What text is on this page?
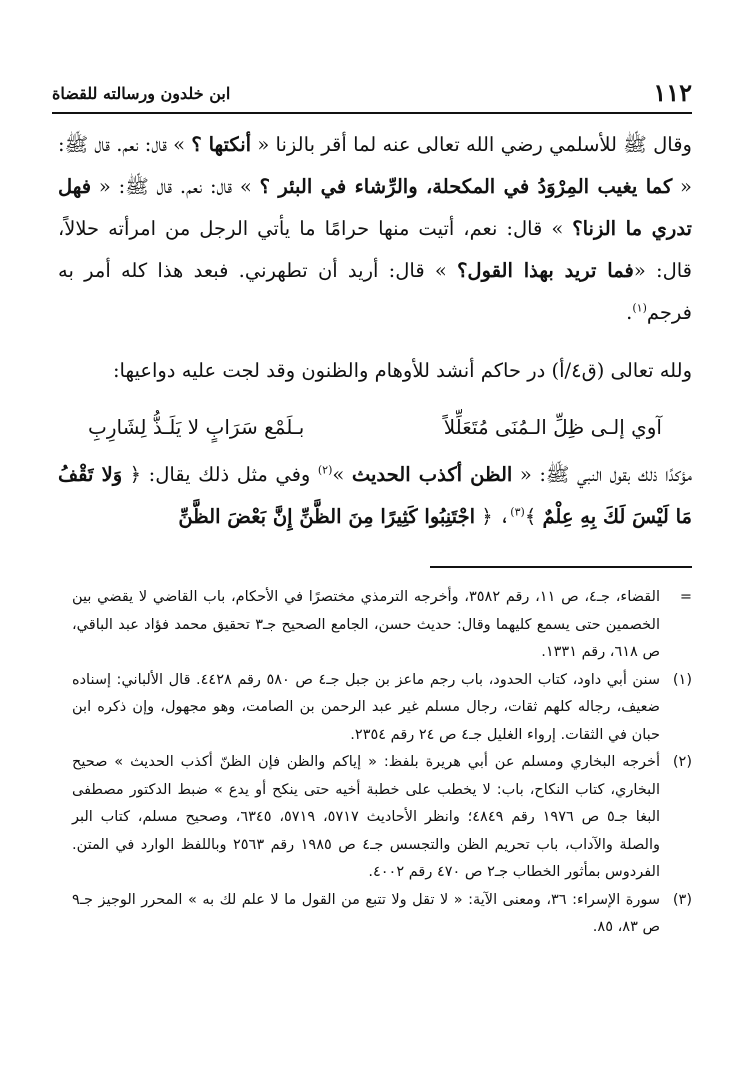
١١٢
ابن خلدون ورسالته للقضاة

وقال ﷺ للأسلمي رضي الله تعالى عنه لما أقر بالزنا « أنكتها ؟ » قال: نعم. قال ﷺ: « كما يغيب المِرْوَدُ في المكحلة، والرِّشاء في البئر ؟ » قال: نعم. قال ﷺ: « فهل تدري ما الزنا؟ » قال: نعم، أتيت منها حرامًا ما يأتي الرجل من امرأته حلالاً، قال: «فما تريد بهذا القول؟ » قال: أريد أن تطهرني. فبعد هذا كله أمر به فرجم$^{(١)}$.

ولله تعالى (ق٤/أ) در حاكم أنشد للأوهام والظنون وقد لجت عليه دواعيها:

آوي إلـى ظِلِّ الـمُنَى مُتَعَلِّلاً
بـلَمْع سَرَابٍ لا يَلَـذُّ لِشَارِبِ

مؤكدًا ذلك بقول النبي ﷺ: « الظن أكذب الحديث »$^{(٢)}$ وفي مثل ذلك يقال: ﴿ وَلا تَقْفُ مَا لَيْسَ لَكَ بِهِ عِلْمٌ ﴾$^{(٣)}$، ﴿ اجْتَنِبُوا كَثِيرًا مِنَ الظَّنِّ إِنَّ بَعْضَ الظَّنِّ

=
القضاء، جـ٤، ص ١١، رقم ٣٥٨٢، وأخرجه الترمذي مختصرًا في الأحكام، باب القاضي لا يقضي بين الخصمين حتى يسمع كليهما وقال: حديث حسن، الجامع الصحيح جـ٣ تحقيق محمد فؤاد عبد الباقي، ص ٦١٨، رقم ١٣٣١.
(١)
سنن أبي داود، كتاب الحدود، باب رجم ماعز بن جبل جـ٤ ص ٥٨٠ رقم ٤٤٢٨. قال الألباني: إسناده ضعيف، رجاله كلهم ثقات، رجال مسلم غير عبد الرحمن بن الصامت، وهو مجهول، وإن ذكره ابن حبان في الثقات. إرواء الغليل جـ٤ ص ٢٤ رقم ٢٣٥٤.
(٢)
أخرجه البخاري ومسلم عن أبي هريرة بلفظ: « إياكم والظن فإن الظنّ أكذب الحديث » صحيح البخاري، كتاب النكاح، باب: لا يخطب على خطبة أخيه حتى ينكح أو يدع » ضبط الدكتور مصطفى البغا جـ٥ ص ١٩٧٦ رقم ٤٨٤٩؛ وانظر الأحاديث ٥٧١٧، ٥٧١٩، ٦٣٤٥، وصحيح مسلم، كتاب البر والصلة والآداب، باب تحريم الظن والتجسس جـ٤ ص ١٩٨٥ رقم ٢٥٦٣ وباللفظ الوارد في المتن. الفردوس بمأثور الخطاب جـ٢ ص ٤٧٠ رقم ٤٠٠٢.
(٣)
سورة الإسراء: ٣٦، ومعنى الآية: « لا تقل ولا تتبع من القول ما لا علم لك به » المحرر الوجيز جـ٩ ص ٨٣، ٨٥.
